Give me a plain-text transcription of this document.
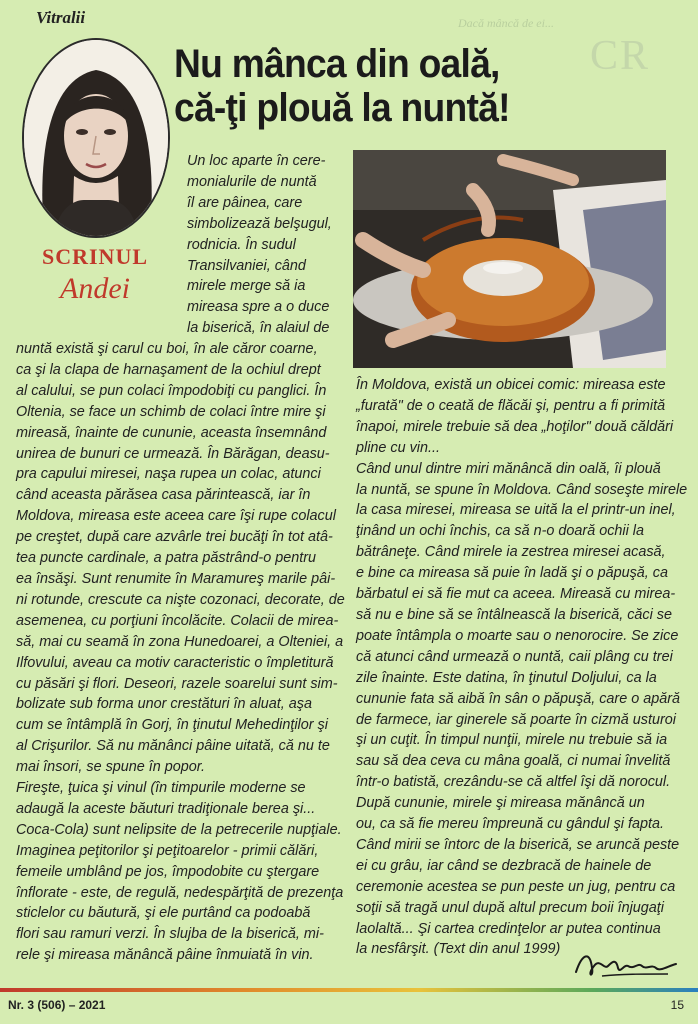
Dacă mâncă de ei...
CR
Vitralii
SCRINUL
Andei
Nu mânca din oală,
că-ţi plouă la nuntă!
Un loc aparte în cere-
monialurile de nuntă
îl are pâinea, care
simbolizează belşugul,
rodnicia. În sudul
Transilvaniei, când
mirele merge să ia
mireasa spre a o duce
la biserică, în alaiul de
nuntă există şi carul cu boi, în ale căror coarne,
ca şi la clapa de harnaşament de la ochiul drept
al calului, se pun colaci împodobiţi cu panglici. În
Oltenia, se face un schimb de colaci între mire şi
mireasă, înainte de cununie, aceasta însemnând
unirea de bunuri ce urmează. În Bărăgan, deasu-
pra capului miresei, naşa rupea un colac, atunci
când aceasta părăsea casa părintească, iar în
Moldova, mireasa este aceea care îşi rupe colacul
pe creştet, după care azvârle trei bucăţi în tot atâ-
tea puncte cardinale, a patra păstrând-o pentru
ea însăşi. Sunt renumite în Maramureş marile pâi-
ni rotunde, crescute ca nişte cozonaci, decorate, de
asemenea, cu porţiuni încolăcite. Colacii de mirea-
să, mai cu seamă în zona Hunedoarei, a Olteniei, a
Ilfovului, aveau ca motiv caracteristic o împletitură
cu păsări şi flori. Deseori, razele soarelui sunt sim-
bolizate sub forma unor crestături în aluat, aşa
cum se întâmplă în Gorj, în ţinutul Mehedinţilor şi
al Crişurilor. Să nu mănânci pâine uitată, că nu te
mai însori, se spune în popor.
Fireşte, ţuica şi vinul (în timpurile moderne se
adaugă la aceste băuturi tradiţionale berea şi...
Coca-Cola) sunt nelipsite de la petrecerile nupţiale.
Imaginea peţitorilor şi peţitoarelor - primii călări,
femeile umblând pe jos, împodobite cu ştergare
înflorate - este, de regulă, nedespărţită de prezenţa
sticlelor cu băutură, şi ele purtând ca podoabă
flori sau ramuri verzi. În slujba de la biserică, mi-
rele şi mireasa mănâncă pâine înmuiată în vin.
În Moldova, există un obicei comic: mireasa este
„furată" de o ceată de flăcăi şi, pentru a fi primită
înapoi, mirele trebuie să dea „hoţilor" două căldări
pline cu vin...
Când unul dintre miri mănâncă din oală, îi plouă
la nuntă, se spune în Moldova. Când soseşte mirele
la casa miresei, mireasa se uită la el printr-un inel,
ţinând un ochi închis, ca să n-o doară ochii la
bătrâneţe. Când mirele ia zestrea miresei acasă,
e bine ca mireasa să puie în ladă şi o păpuşă, ca
bărbatul ei să fie mut ca aceea. Mireasă cu mirea-
să nu e bine să se întâlnească la biserică, căci se
poate întâmpla o moarte sau o nenorocire. Se zice
că atunci când urmează o nuntă, caii plâng cu trei
zile înainte. Este datina, în ţinutul Doljului, ca la
cununie fata să aibă în sân o păpuşă, care o apără
de farmece, iar ginerele să poarte în cizmă usturoi
şi un cuţit. În timpul nunţii, mirele nu trebuie să ia
sau să dea ceva cu mâna goală, ci numai învelită
într-o batistă, crezându-se că altfel îşi dă norocul.
După cununie, mirele şi mireasa mănâncă un
ou, ca să fie mereu împreună cu gândul şi fapta.
Când mirii se întorc de la biserică, se aruncă peste
ei cu grâu, iar când se dezbracă de hainele de
ceremonie acestea se pun peste un jug, pentru ca
soţii să tragă unul după altul precum boii înjugaţi
laolaltă... Şi cartea credinţelor ar putea continua
la nesfârşit. (Text din anul 1999)
Nr. 3 (506) – 2021	15
